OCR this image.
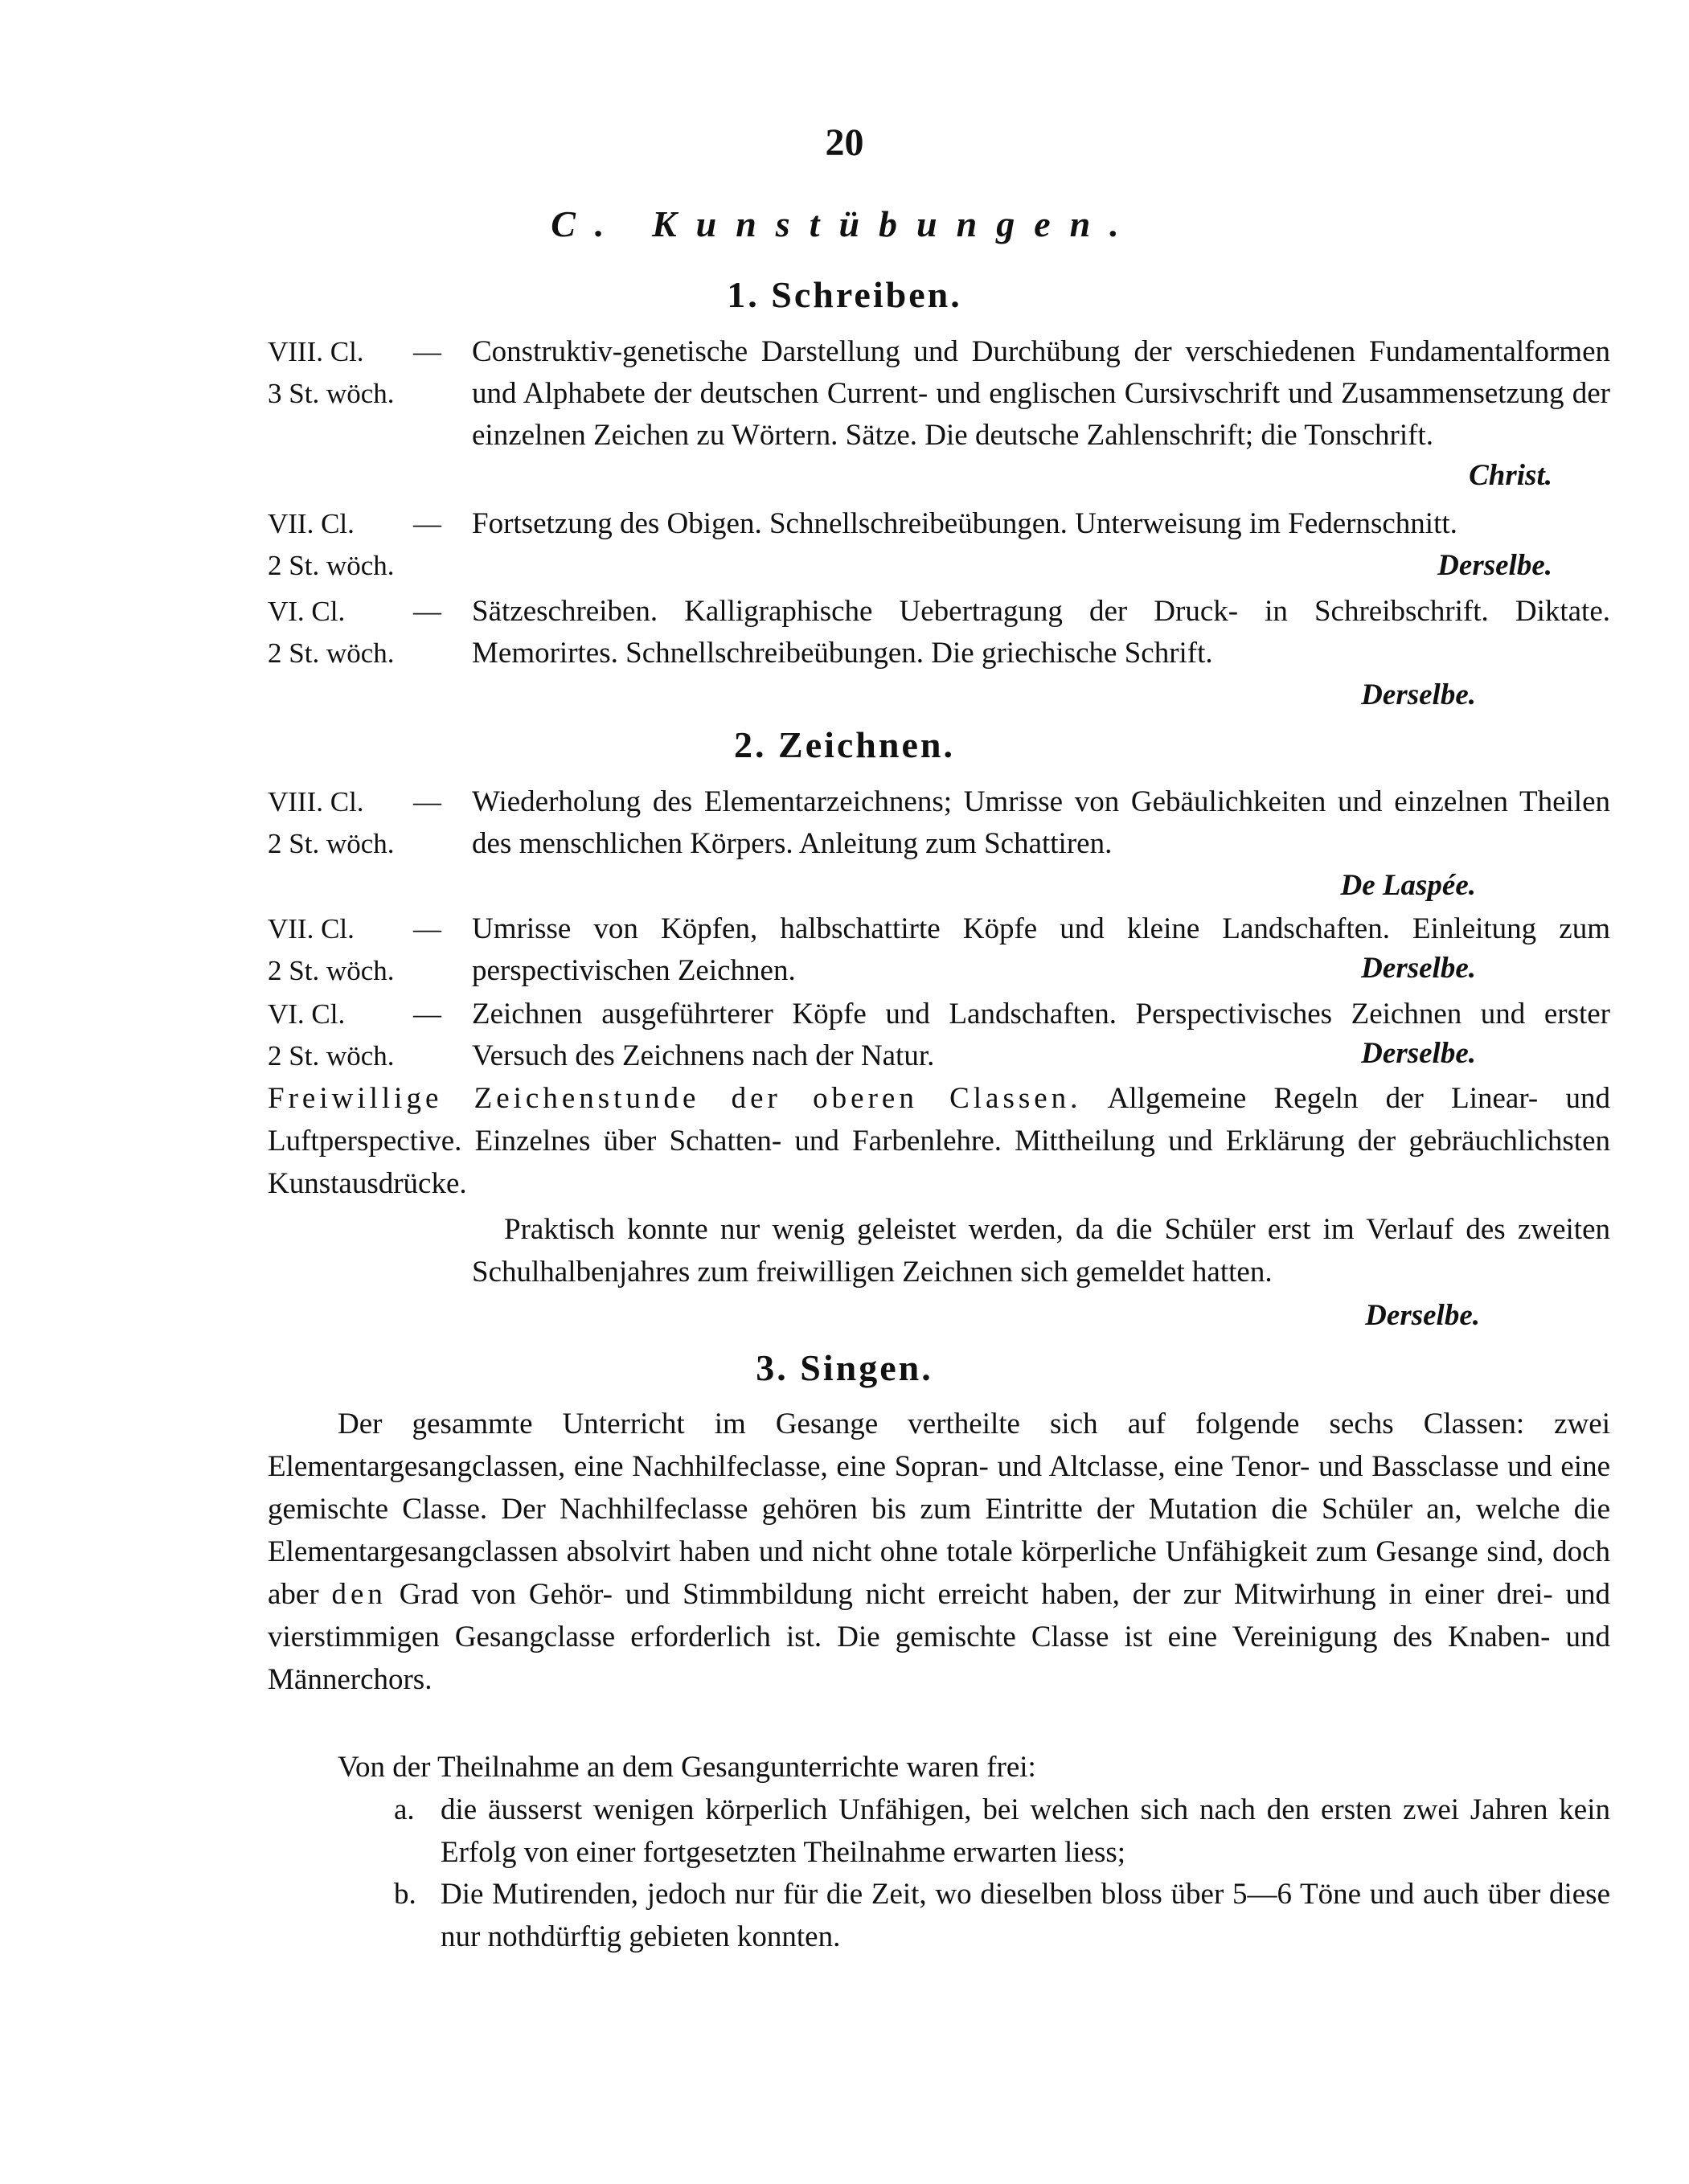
20
C. Kunstübungen.
1. Schreiben.
VIII. Cl.
3 St. wöch.
— Construktiv-genetische Darstellung und Durchübung der verschiedenen Fundamentalformen und Alphabete der deutschen Current- und englischen Cursivschrift und Zusammensetzung der einzelnen Zeichen zu Wörtern. Sätze. Die deutsche Zahlenschrift; die Tonschrift.
Christ.
VII. Cl.
2 St. wöch.
— Fortsetzung des Obigen. Schnellschreibeübungen. Unterweisung im Federnschnitt.
Derselbe.
VI. Cl.
2 St. wöch.
— Sätzeschreiben. Kalligraphische Uebertragung der Druck- in Schreibschrift. Diktate. Memorirtes. Schnellschreibeübungen. Die griechische Schrift.
Derselbe.
2. Zeichnen.
VIII. Cl.
2 St. wöch.
— Wiederholung des Elementarzeichnens; Umrisse von Gebäulichkeiten und einzelnen Theilen des menschlichen Körpers. Anleitung zum Schattiren.
De Laspée.
VII. Cl.
2 St. wöch.
— Umrisse von Köpfen, halbschattirte Köpfe und kleine Landschaften. Einleitung zum perspectivischen Zeichnen.	Derselbe.
VI. Cl.
2 St. wöch.
— Zeichnen ausgeführterer Köpfe und Landschaften. Perspectivisches Zeichnen und erster Versuch des Zeichnens nach der Natur.	Derselbe.
Freiwillige Zeichenstunde der oberen Classen. Allgemeine Regeln der Linear- und Luftperspective. Einzelnes über Schatten- und Farbenlehre. Mittheilung und Erklärung der gebräuchlichsten Kunstausdrücke.
Praktisch konnte nur wenig geleistet werden, da die Schüler erst im Verlauf des zweiten Schulhalbenjahres zum freiwilligen Zeichnen sich gemeldet hatten.
Derselbe.
3. Singen.
Der gesammte Unterricht im Gesange vertheilte sich auf folgende sechs Classen: zwei Elementargesangclassen, eine Nachhilfeclasse, eine Sopran- und Altclasse, eine Tenor- und Bassclasse und eine gemischte Classe. Der Nachhilfeclasse gehören bis zum Eintritte der Mutation die Schüler an, welche die Elementargesangclassen absolvirt haben und nicht ohne totale körperliche Unfähigkeit zum Gesange sind, doch aber den Grad von Gehör- und Stimmbildung nicht erreicht haben, der zur Mitwirhung in einer drei- und vierstimmigen Gesangclasse erforderlich ist. Die gemischte Classe ist eine Vereinigung des Knaben- und Männerchors.
Von der Theilnahme an dem Gesangunterrichte waren frei:
a. die äusserst wenigen körperlich Unfähigen, bei welchen sich nach den ersten zwei Jahren kein Erfolg von einer fortgesetzten Theilnahme erwarten liess;
b. Die Mutirenden, jedoch nur für die Zeit, wo dieselben bloss über 5—6 Töne und auch über diese nur nothdürftig gebieten konnten.
